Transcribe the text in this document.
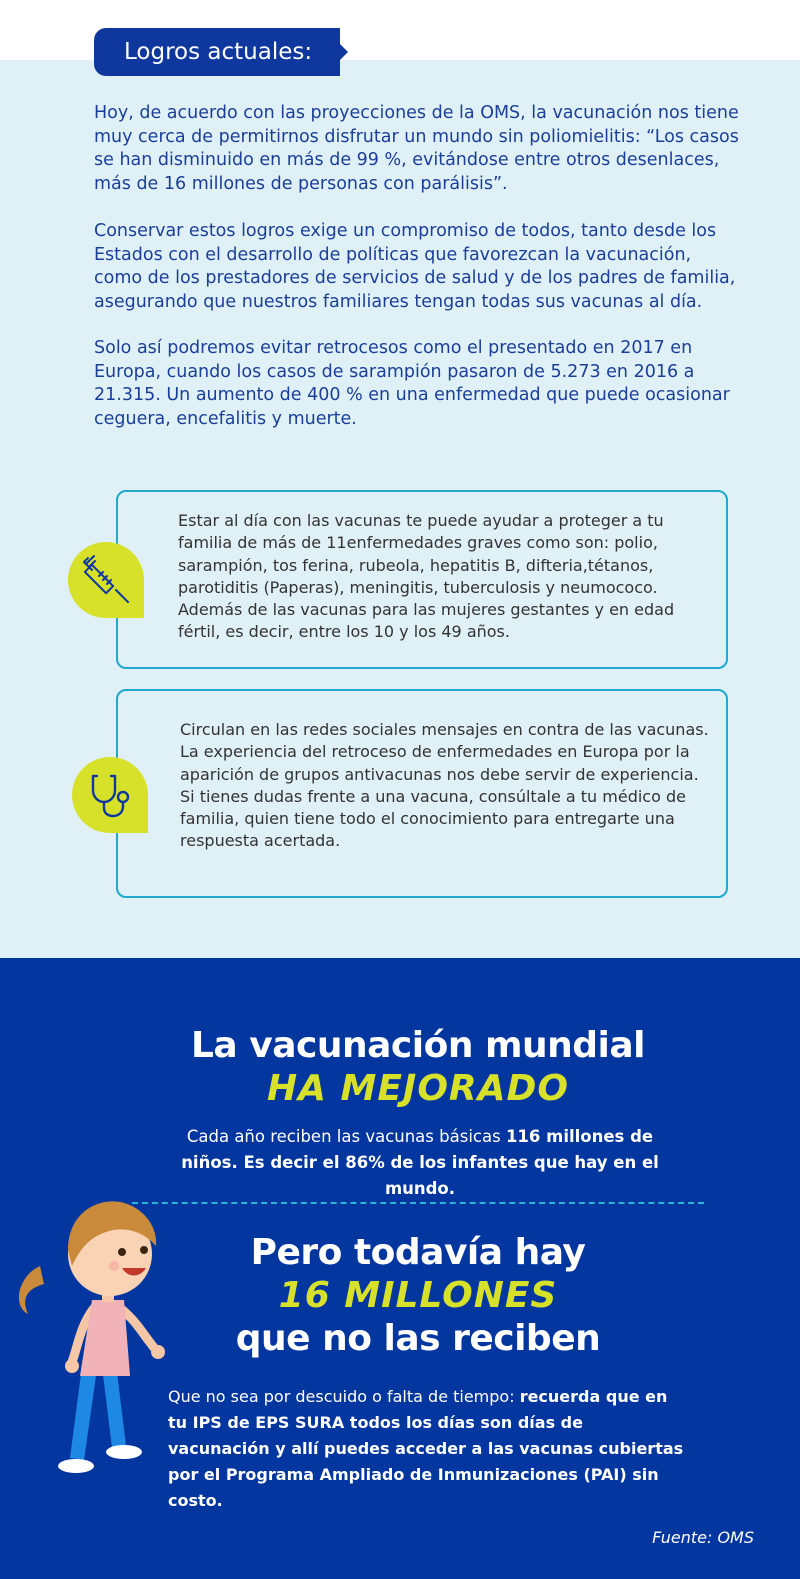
Logros actuales:

Hoy, de acuerdo con las proyecciones de la OMS, la vacunación nos tiene muy cerca de permitirnos disfrutar un mundo sin poliomielitis: “Los casos se han disminuido en más de 99 %, evitándose entre otros desenlaces, más de 16 millones de personas con parálisis”.

Conservar estos logros exige un compromiso de todos, tanto desde los Estados con el desarrollo de políticas que favorezcan la vacunación, como de los prestadores de servicios de salud y de los padres de familia, asegurando que nuestros familiares tengan todas sus vacunas al día.

Solo así podremos evitar retrocesos como el presentado en 2017 en Europa, cuando los casos de sarampión pasaron de 5.273 en 2016 a 21.315. Un aumento de 400 % en una enfermedad que puede ocasionar ceguera, encefalitis y muerte.

Estar al día con las vacunas te puede ayudar a proteger a tu familia de más de 11enfermedades graves como son: polio, sarampión, tos ferina, rubeola, hepatitis B, difteria,tétanos, parotiditis (Paperas), meningitis, tuberculosis y neumococo. Además de las vacunas para las mujeres gestantes y en edad fértil, es decir, entre los 10 y los 49 años.

Circulan en las redes sociales mensajes en contra de las vacunas. La experiencia del retroceso de enfermedades en Europa por la aparición de grupos antivacunas nos debe servir de experiencia.

Si tienes dudas frente a una vacuna, consúltale a tu médico de familia, quien tiene todo el conocimiento para entregarte una respuesta acertada.

La vacunación mundial
HA MEJORADO

Cada año reciben las vacunas básicas 116 millones de niños. Es decir el 86% de los infantes que hay en el mundo.

Pero todavía hay
16 MILLONES
que no las reciben

Que no sea por descuido o falta de tiempo: recuerda que en tu IPS de EPS SURA todos los días son días de vacunación y allí puedes acceder a las vacunas cubiertas por el Programa Ampliado de Inmunizaciones (PAI) sin costo.

Fuente: OMS
